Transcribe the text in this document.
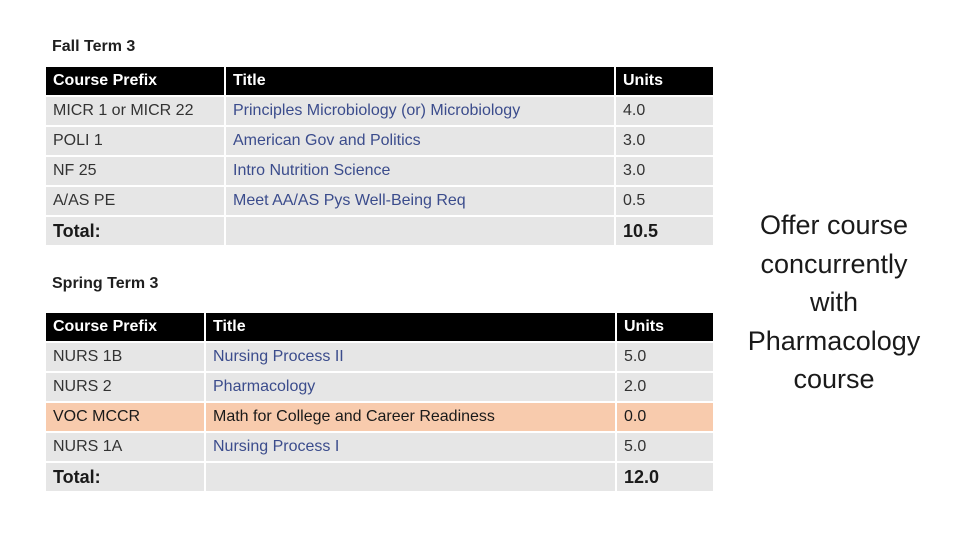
Fall Term 3
Course Prefix	Title	Units
MICR 1 or MICR 22	Principles Microbiology (or) Microbiology	4.0
POLI 1	American Gov and Politics	3.0
NF 25	Intro Nutrition Science	3.0
A/AS PE	Meet AA/AS Pys Well-Being Req	0.5
Total:		10.5
Spring Term 3
Course Prefix	Title	Units
NURS 1B	Nursing Process II	5.0
NURS 2	Pharmacology	2.0
VOC MCCR	Math for College and Career Readiness	0.0
NURS 1A	Nursing Process I	5.0
Total:		12.0
Offer course
concurrently
with
Pharmacology
course
